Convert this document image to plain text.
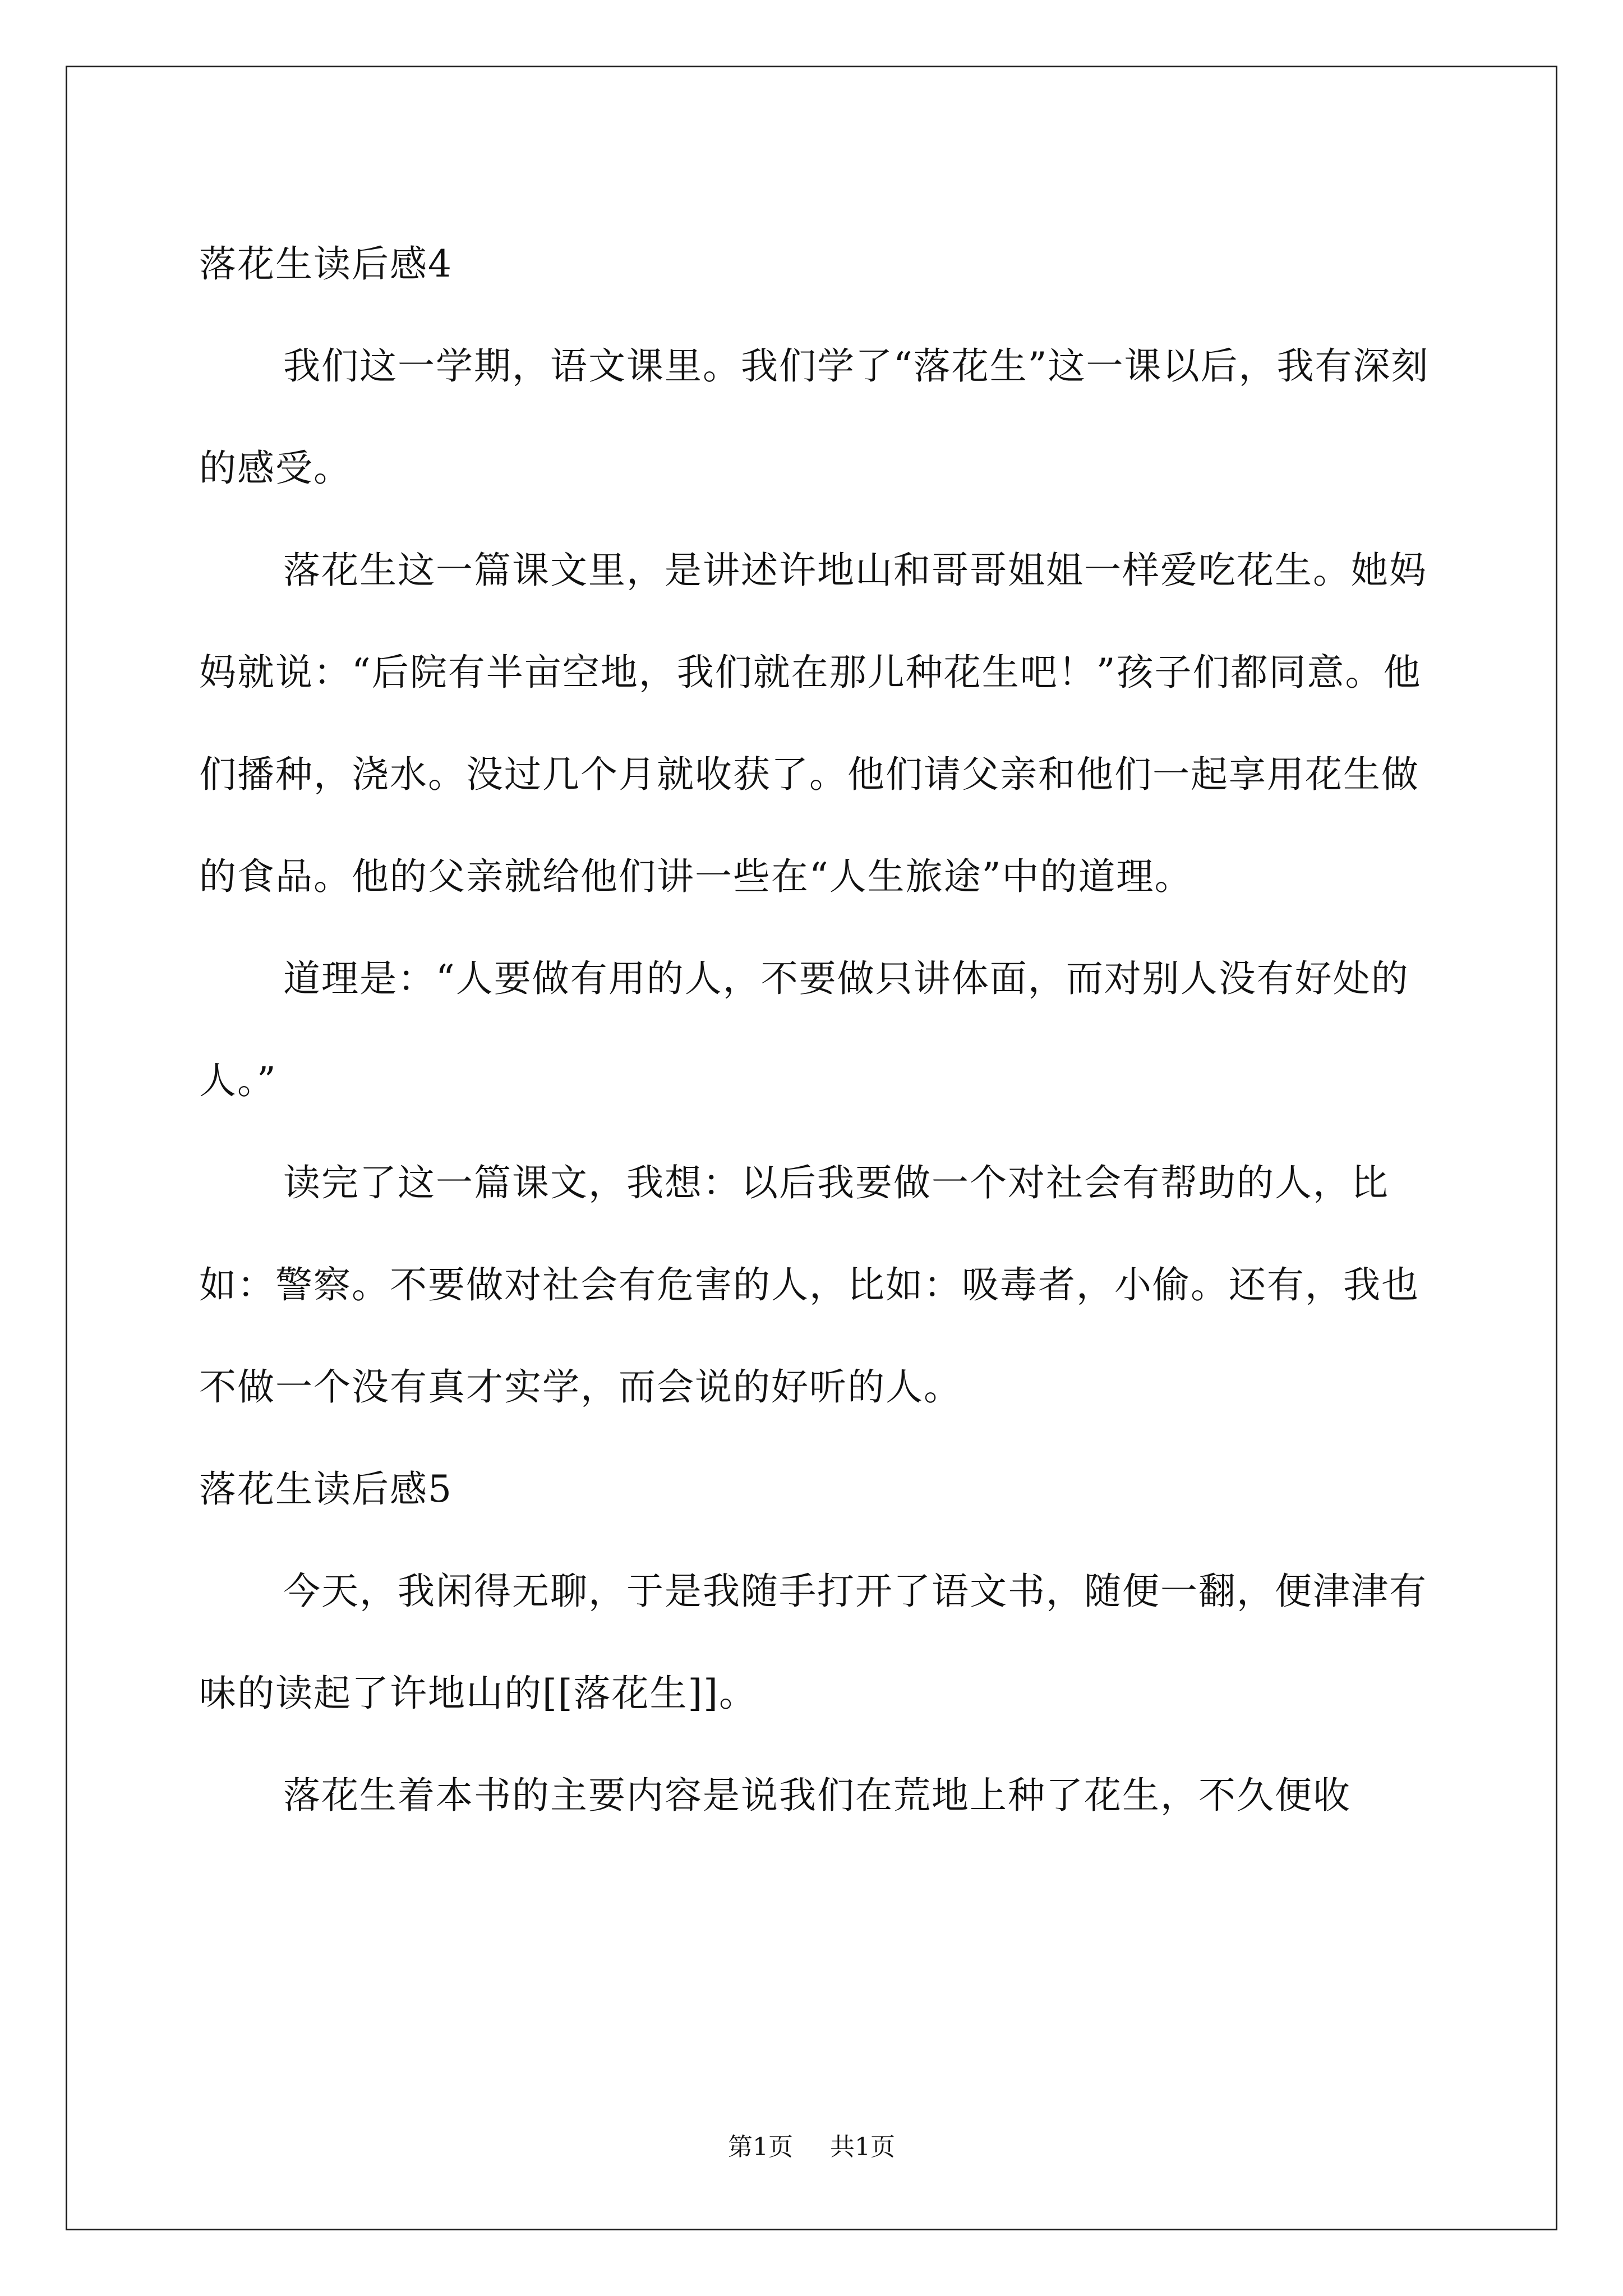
落花生读后感4

我们这一学期，语文课里。我们学了“落花生”这一课以后，我有深刻的感受。

落花生这一篇课文里，是讲述许地山和哥哥姐姐一样爱吃花生。她妈妈就说：“后院有半亩空地，我们就在那儿种花生吧！”孩子们都同意。他们播种，浇水。没过几个月就收获了。他们请父亲和他们一起享用花生做的食品。他的父亲就给他们讲一些在“人生旅途”中的道理。

道理是：“人要做有用的人，不要做只讲体面，而对别人没有好处的人。”

读完了这一篇课文，我想：以后我要做一个对社会有帮助的人，比如：警察。不要做对社会有危害的人，比如：吸毒者，小偷。还有，我也不做一个没有真才实学，而会说的好听的人。

落花生读后感5

今天，我闲得无聊，于是我随手打开了语文书，随便一翻，便津津有味的读起了许地山的[[落花生]]。

落花生着本书的主要内容是说我们在荒地上种了花生，不久便收

第1页 共1页
